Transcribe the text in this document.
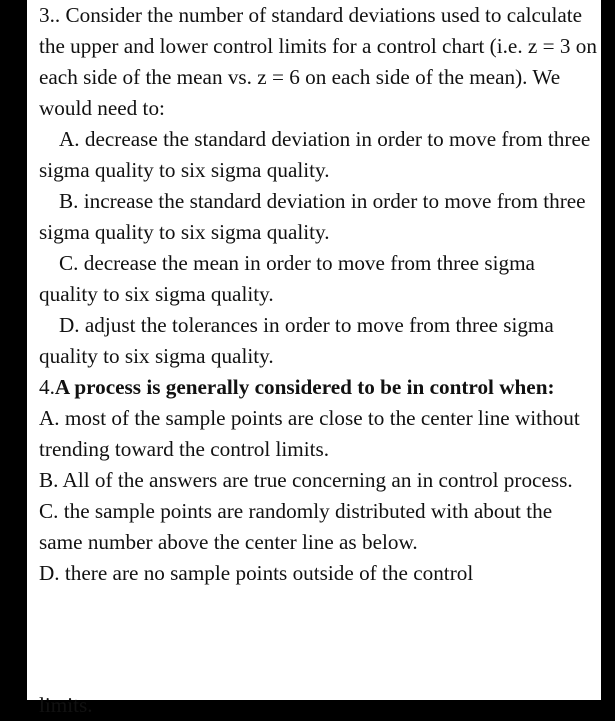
3.. Consider the number of standard deviations used to calculate the upper and lower control limits for a control chart (i.e. z = 3 on each side of the mean vs. z = 6 on each side of the mean). We would need to:

A. decrease the standard deviation in order to move from three sigma quality to six sigma quality.

B. increase the standard deviation in order to move from three sigma quality to six sigma quality.

C. decrease the mean in order to move from three sigma quality to six sigma quality.

D. adjust the tolerances in order to move from three sigma quality to six sigma quality.

4.A process is generally considered to be in control when:

A. most of the sample points are close to the center line without trending toward the control limits.

B. All of the answers are true concerning an in control process.

C. the sample points are randomly distributed with about the same number above the center line as below.

D. there are no sample points outside of the control

limits.
